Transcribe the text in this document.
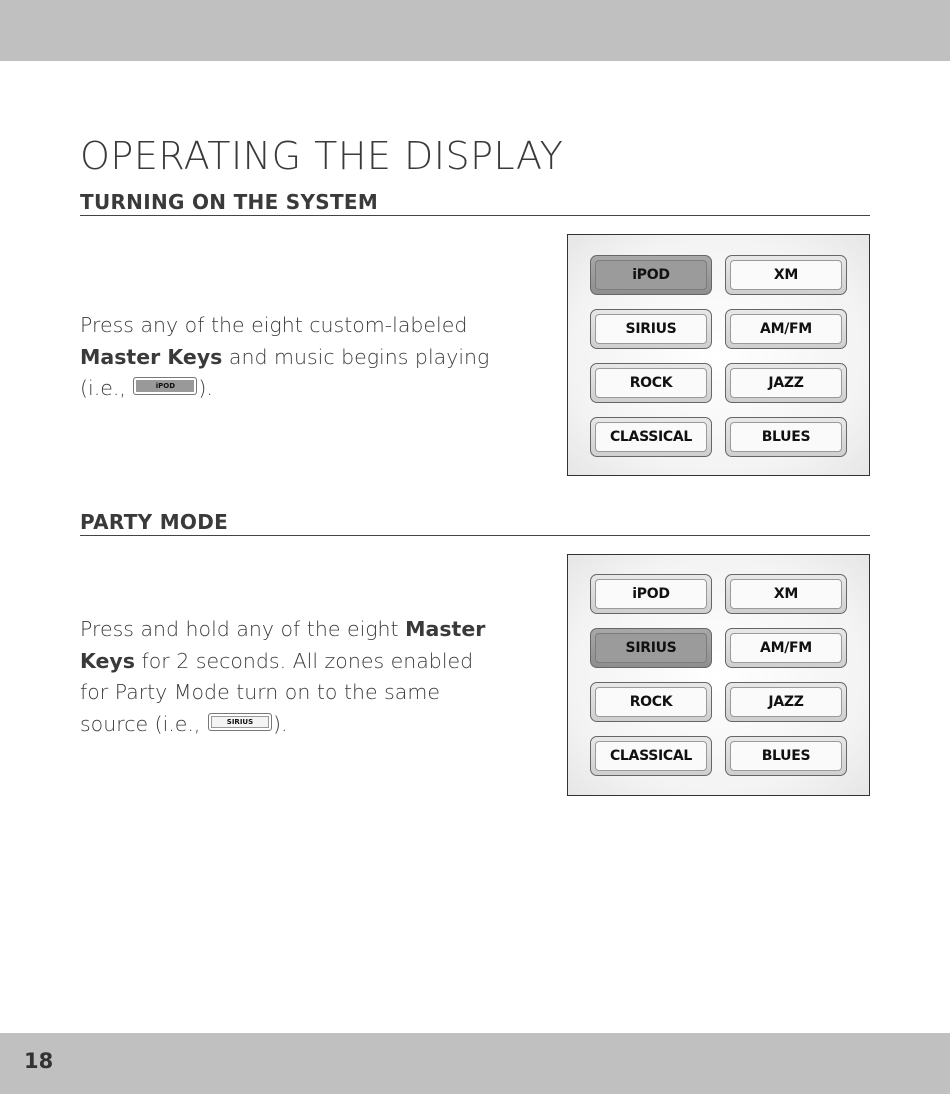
OPERATING THE DISPLAY
TURNING ON THE SYSTEM

Press any of the eight custom-labeled Master Keys and music begins playing (i.e.,	iPOD ).

iPOD	XM
SIRIUS	AM/FM
ROCK	JAZZ
CLASSICAL	BLUES
PARTY MODE

Press and hold any of the eight Master Keys for 2 seconds. All zones enabled for Party Mode turn on to the same source (i.e.,	SIRIUS ).

iPOD	XM
SIRIUS	AM/FM
ROCK	JAZZ
CLASSICAL	BLUES
18
